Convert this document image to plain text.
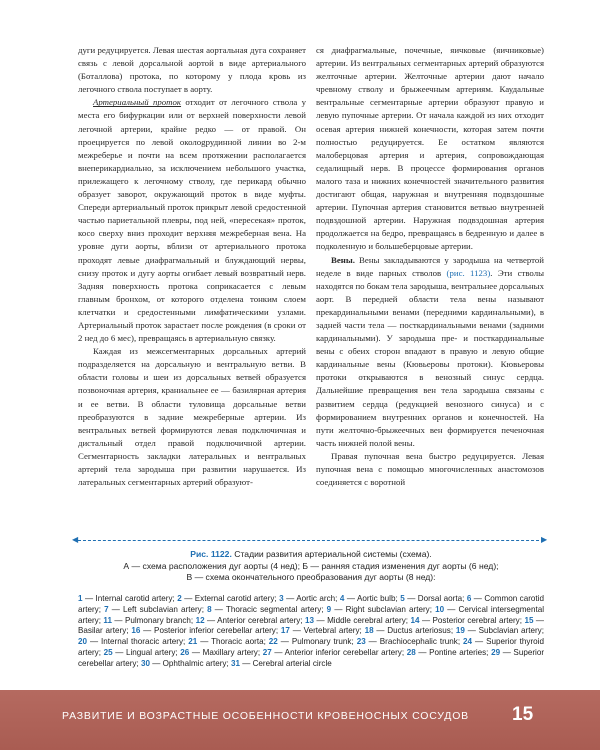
дуги редуцируется. Левая шестая аортальная дуга сохраняет связь с левой дорсальной аортой в виде артериального (Боталлова) протока, по которому у плода кровь из легочного ствола поступает в аорту.

Артериальный проток отходит от легочного ствола у места его бифуркации или от верхней поверхности левой легочной артерии, крайне редко — от правой. Он проецируется по левой околоgрудинной линии во 2-м межреберье и почти на всем протяжении располагается внеперикардиально, за исключением небольшого участка, прилежащего к легочному стволу, где перикард обычно образует заворот, окружающий проток в виде муфты. Спереди артериальный проток прикрыт левой средостенной частью париетальной плевры, под ней, «пересекая» проток, косо сверху вниз проходит верхняя межреберная вена. На уровне дуги аорты, вблизи от артериального протока проходят левые диафрагмальный и блуждающий нервы, снизу проток и дугу аорты огибает левый возвратный нерв. Задняя поверхность протока соприкасается с левым главным бронхом, от которого отделена тонким слоем клетчатки и средостенными лимфатическими узлами. Артериальный проток зарастает после рождения (в сроки от 2 нед до 6 мес), превращаясь в артериальную связку.

Каждая из межсегментарных дорсальных артерий подразделяется на дорсальную и вентральную ветви. В области головы и шеи из дорсальных ветвей образуется позвоночная артерия, краниальнее ее — базилярная артерия и ее ветви. В области туловища дорсальные ветви преобразуются в задние межреберные артерии. Из вентральных ветвей формируются левая подключичная и дистальный отдел правой подключичной артерии. Сегментарность закладки латеральных и вентральных артерий тела зародыша при развитии нарушается. Из латеральных сегментарных артерий образуют-

ся диафрагмальные, почечные, яичковые (яичниковые) артерии. Из вентральных сегментарных артерий образуются желточные артерии. Желточные артерии дают начало чревному стволу и брыжеечным артериям. Каудальные вентральные сегментарные артерии образуют правую и левую пупочные артерии. От начала каждой из них отходит осевая артерия нижней конечности, которая затем почти полностью редуцируется. Ее остатком являются малоберцовая артерия и артерия, сопровождающая седалищный нерв. В процессе формирования органов малого таза и нижних конечностей значительного развития достигают общая, наружная и внутренняя подвздошные артерии. Пупочная артерия становится ветвью внутренней подвздошной артерии. Наружная подвздошная артерия продолжается на бедро, превращаясь в бедренную и далее в подколенную и большеберцовые артерии.

Вены. Вены закладываются у зародыша на четвертой неделе в виде парных стволов (рис. 1123). Эти стволы находятся по бокам тела зародыша, вентральнее дорсальных аорт. В передней области тела вены называют прекардинальными венами (передними кардинальными), в задней части тела — посткардинальными венами (задними кардинальными). У зародыша пре- и посткардинальные вены с обеих сторон впадают в правую и левую общие кардинальные вены (Кювьеровы протоки). Кювьеровы протоки открываются в венозный синус сердца. Дальнейшие превращения вен тела зародыша связаны с развитием сердца (редукцией венозного синуса) и с формированием внутренних органов и конечностей. На пути желточно-брыжеечных вен формируется печеночная часть нижней полой вены.

Правая пупочная вена быстро редуцируется. Левая пупочная вена с помощью многочисленных анастомозов соединяется с воротной

◀	▶
Рис. 1122. Стадии развития артериальной системы (схема).
А — схема расположения дуг аорты (4 нед); Б — ранняя стадия изменения дуг аорты (6 нед);
В — схема окончательного преобразования дуг аорты (8 нед):
1 — Internal carotid artery; 2 — External carotid artery; 3 — Aortic arch; 4 — Aortic bulb; 5 — Dorsal aorta; 6 — Common carotid artery; 7 — Left subclavian artery; 8 — Thoracic segmental artery; 9 — Right subclavian artery; 10 — Cervical intersegmental artery; 11 — Pulmonary branch; 12 — Anterior cerebral artery; 13 — Middle cerebral artery; 14 — Posterior cerebral artery; 15 — Basilar artery; 16 — Posterior inferior cerebellar artery; 17 — Vertebral artery; 18 — Ductus arteriosus; 19 — Subclavian artery; 20 — Internal thoracic artery; 21 — Thoracic aorta; 22 — Pulmonary trunk; 23 — Brachiocephalic trunk; 24 — Superior thyroid artery; 25 — Lingual artery; 26 — Maxillary artery; 27 — Anterior inferior cerebellar artery; 28 — Pontine arteries; 29 — Superior cerebellar artery; 30 — Ophthalmic artery; 31 — Cerebral arterial circle
РАЗВИТИЕ И ВОЗРАСТНЫЕ ОСОБЕННОСТИ КРОВЕНОСНЫХ СОСУДОВ 15
